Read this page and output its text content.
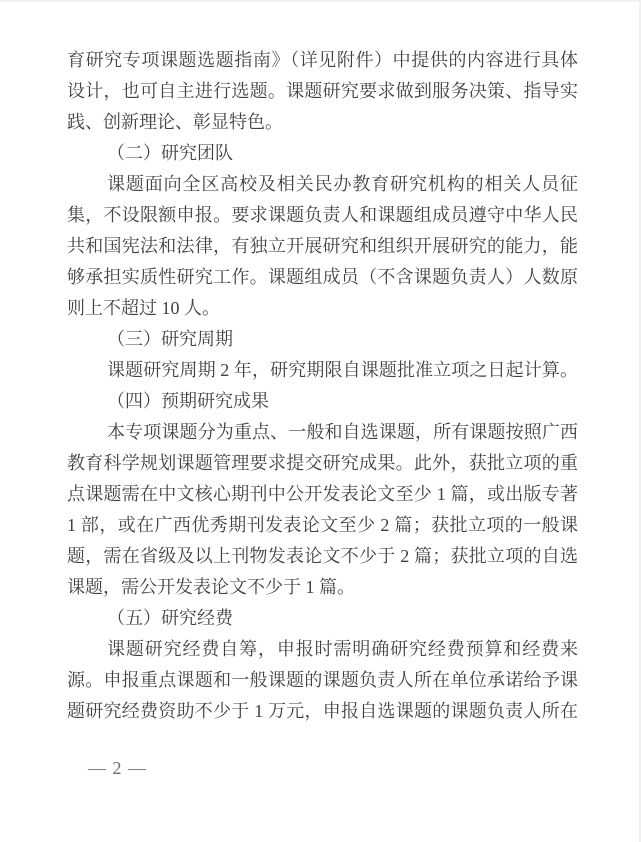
育研究专项课题选题指南》（详见附件）中提供的内容进行具体
设计，也可自主进行选题。课题研究要求做到服务决策、指导实
践、创新理论、彰显特色。
（二）研究团队
课题面向全区高校及相关民办教育研究机构的相关人员征
集，不设限额申报。要求课题负责人和课题组成员遵守中华人民
共和国宪法和法律，有独立开展研究和组织开展研究的能力，能
够承担实质性研究工作。课题组成员（不含课题负责人）人数原
则上不超过 10 人。
（三）研究周期
课题研究周期 2 年，研究期限自课题批准立项之日起计算。
（四）预期研究成果
本专项课题分为重点、一般和自选课题，所有课题按照广西
教育科学规划课题管理要求提交研究成果。此外，获批立项的重
点课题需在中文核心期刊中公开发表论文至少 1 篇，或出版专著
1 部，或在广西优秀期刊发表论文至少 2 篇；获批立项的一般课
题，需在省级及以上刊物发表论文不少于 2 篇；获批立项的自选
课题，需公开发表论文不少于 1 篇。
（五）研究经费
课题研究经费自筹，申报时需明确研究经费预算和经费来
源。申报重点课题和一般课题的课题负责人所在单位承诺给予课
题研究经费资助不少于 1 万元，申报自选课题的课题负责人所在
— 2 —
